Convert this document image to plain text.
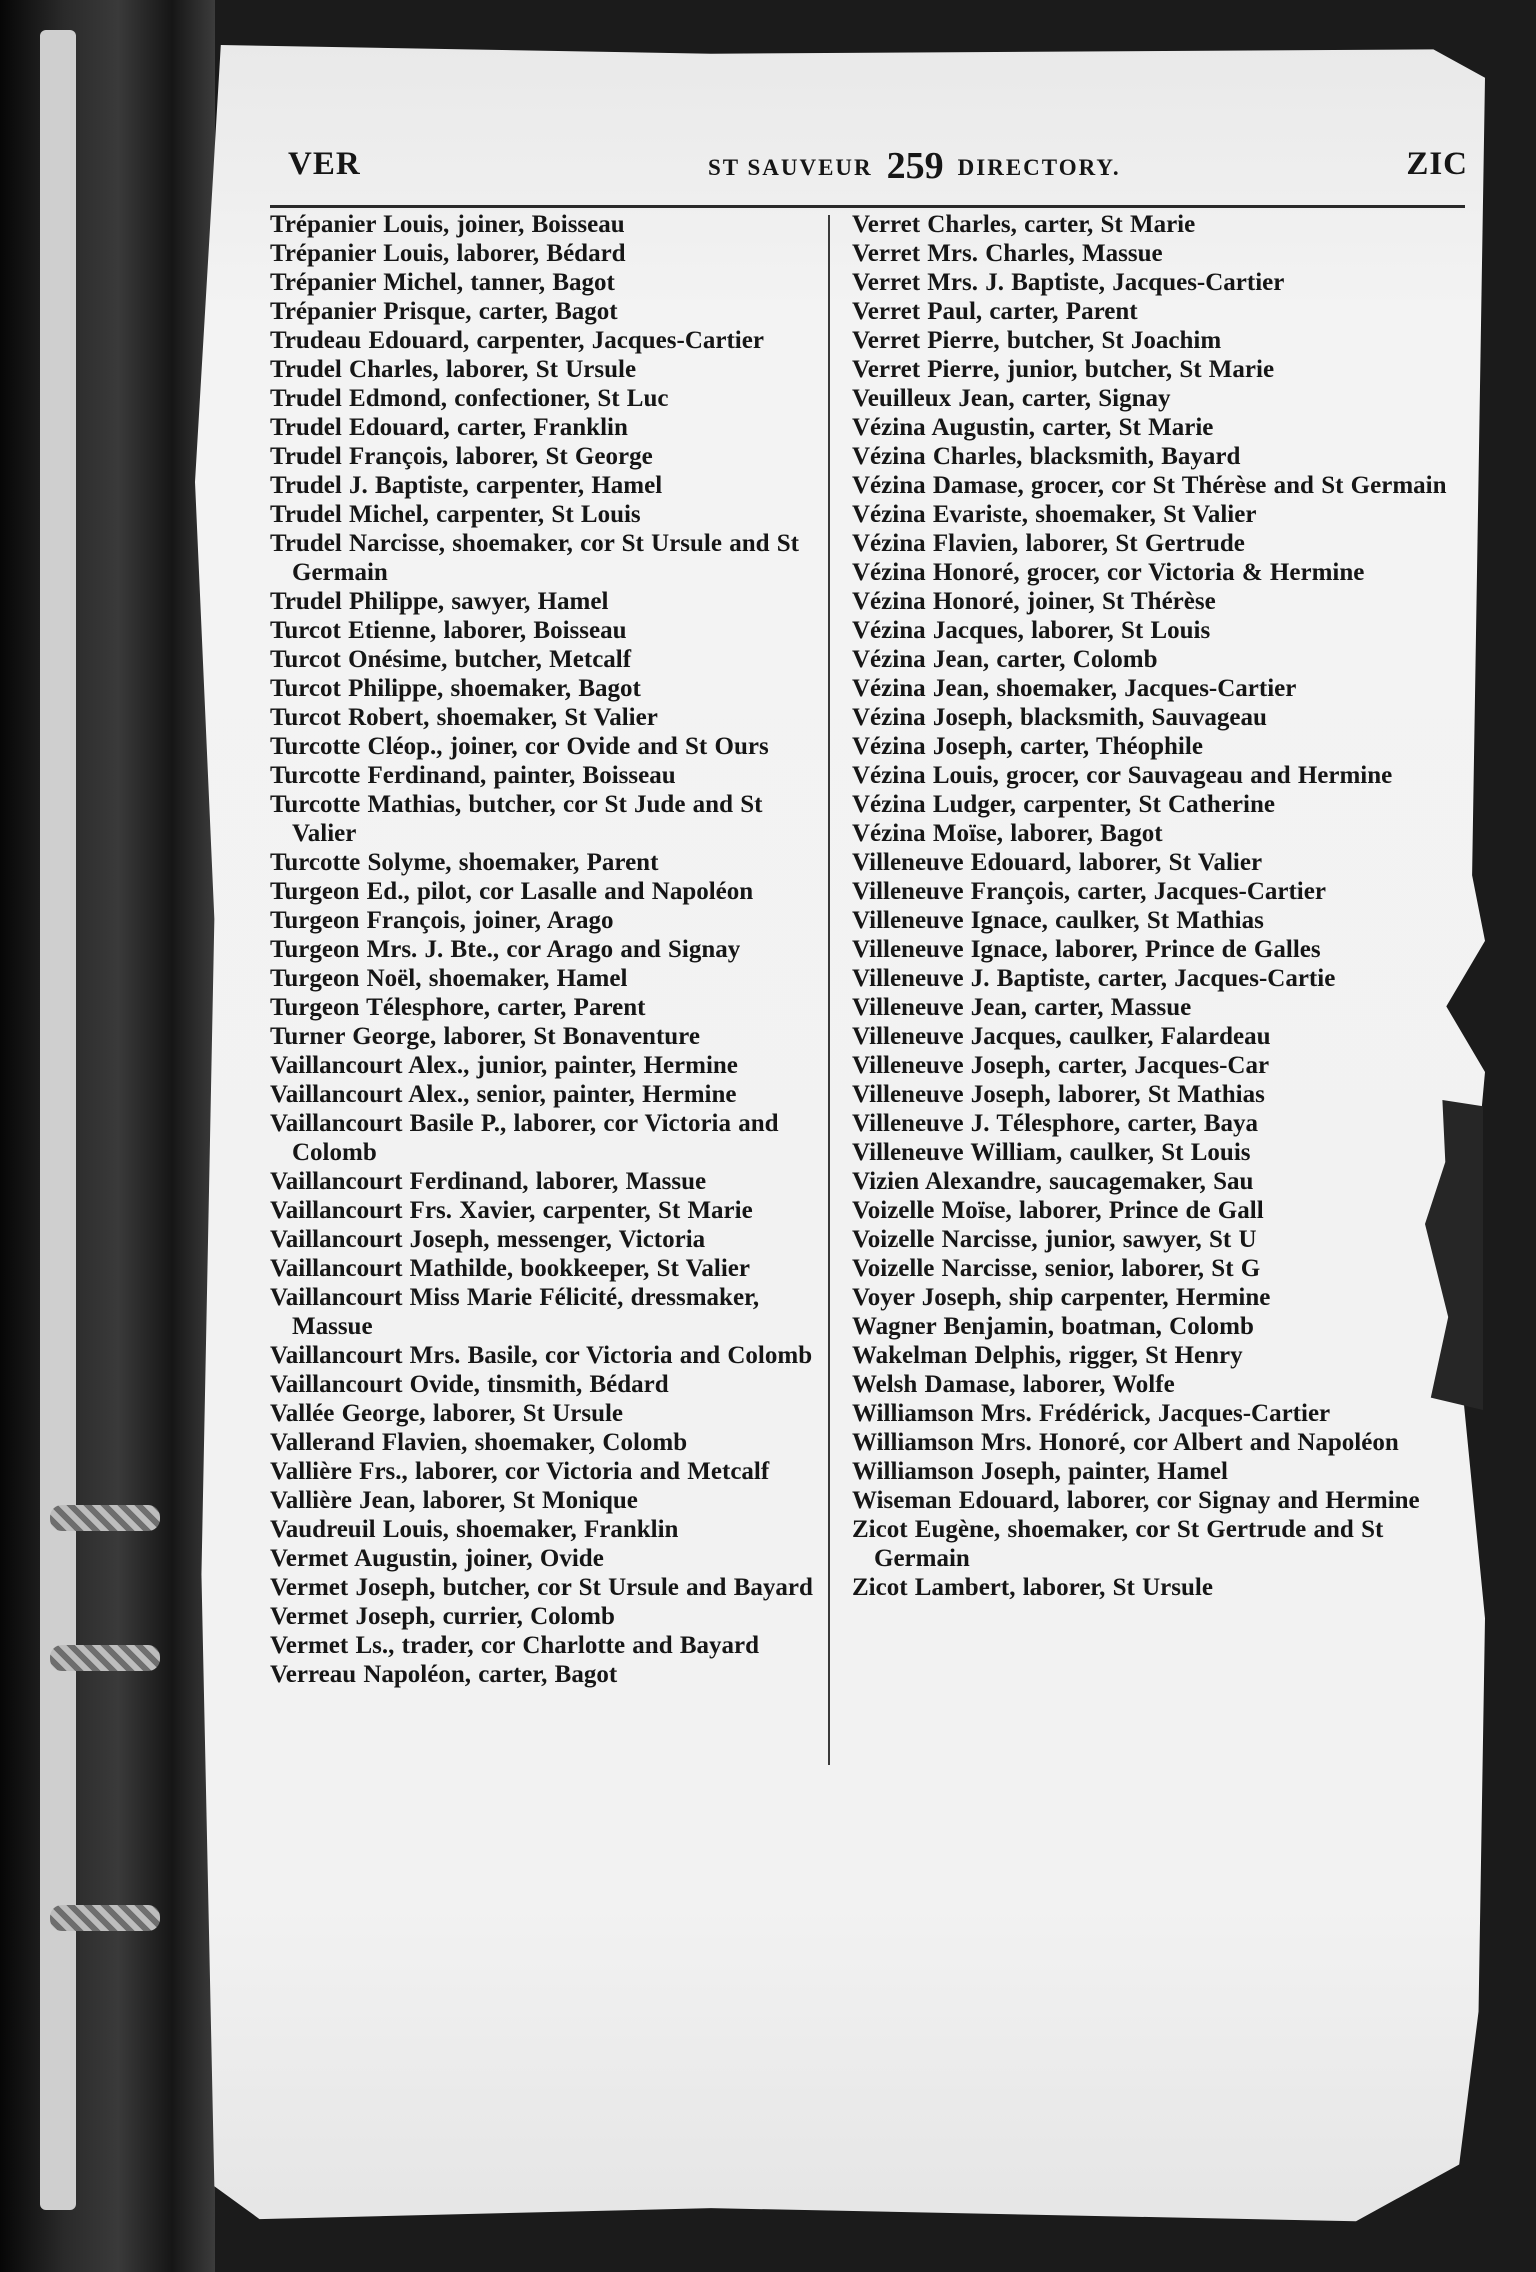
VER	ST SAUVEUR 259 DIRECTORY.	ZIC
Trépanier Louis, joiner, Boisseau
Trépanier Louis, laborer, Bédard
Trépanier Michel, tanner, Bagot
Trépanier Prisque, carter, Bagot
Trudeau Edouard, carpenter, Jacques-Cartier
Trudel Charles, laborer, St Ursule
Trudel Edmond, confectioner, St Luc
Trudel Edouard, carter, Franklin
Trudel François, laborer, St George
Trudel J. Baptiste, carpenter, Hamel
Trudel Michel, carpenter, St Louis
Trudel Narcisse, shoemaker, cor St Ursule and St Germain
Trudel Philippe, sawyer, Hamel
Turcot Etienne, laborer, Boisseau
Turcot Onésime, butcher, Metcalf
Turcot Philippe, shoemaker, Bagot
Turcot Robert, shoemaker, St Valier
Turcotte Cléop., joiner, cor Ovide and St Ours
Turcotte Ferdinand, painter, Boisseau
Turcotte Mathias, butcher, cor St Jude and St Valier
Turcotte Solyme, shoemaker, Parent
Turgeon Ed., pilot, cor Lasalle and Napoléon
Turgeon François, joiner, Arago
Turgeon Mrs. J. Bte., cor Arago and Signay
Turgeon Noël, shoemaker, Hamel
Turgeon Télesphore, carter, Parent
Turner George, laborer, St Bonaventure
Vaillancourt Alex., junior, painter, Hermine
Vaillancourt Alex., senior, painter, Hermine
Vaillancourt Basile P., laborer, cor Victoria and Colomb
Vaillancourt Ferdinand, laborer, Massue
Vaillancourt Frs. Xavier, carpenter, St Marie
Vaillancourt Joseph, messenger, Victoria
Vaillancourt Mathilde, bookkeeper, St Valier
Vaillancourt Miss Marie Félicité, dressmaker, Massue
Vaillancourt Mrs. Basile, cor Victoria and Colomb
Vaillancourt Ovide, tinsmith, Bédard
Vallée George, laborer, St Ursule
Vallerand Flavien, shoemaker, Colomb
Vallière Frs., laborer, cor Victoria and Metcalf
Vallière Jean, laborer, St Monique
Vaudreuil Louis, shoemaker, Franklin
Vermet Augustin, joiner, Ovide
Vermet Joseph, butcher, cor St Ursule and Bayard
Vermet Joseph, currier, Colomb
Vermet Ls., trader, cor Charlotte and Bayard
Verreau Napoléon, carter, Bagot
Verret Charles, carter, St Marie
Verret Mrs. Charles, Massue
Verret Mrs. J. Baptiste, Jacques-Cartier
Verret Paul, carter, Parent
Verret Pierre, butcher, St Joachim
Verret Pierre, junior, butcher, St Marie
Veuilleux Jean, carter, Signay
Vézina Augustin, carter, St Marie
Vézina Charles, blacksmith, Bayard
Vézina Damase, grocer, cor St Thérèse and St Germain
Vézina Evariste, shoemaker, St Valier
Vézina Flavien, laborer, St Gertrude
Vézina Honoré, grocer, cor Victoria & Hermine
Vézina Honoré, joiner, St Thérèse
Vézina Jacques, laborer, St Louis
Vézina Jean, carter, Colomb
Vézina Jean, shoemaker, Jacques-Cartier
Vézina Joseph, blacksmith, Sauvageau
Vézina Joseph, carter, Théophile
Vézina Louis, grocer, cor Sauvageau and Hermine
Vézina Ludger, carpenter, St Catherine
Vézina Moïse, laborer, Bagot
Villeneuve Edouard, laborer, St Valier
Villeneuve François, carter, Jacques-Cartier
Villeneuve Ignace, caulker, St Mathias
Villeneuve Ignace, laborer, Prince de Galles
Villeneuve J. Baptiste, carter, Jacques-Cartie
Villeneuve Jean, carter, Massue
Villeneuve Jacques, caulker, Falardeau
Villeneuve Joseph, carter, Jacques-Car
Villeneuve Joseph, laborer, St Mathias
Villeneuve J. Télesphore, carter, Baya
Villeneuve William, caulker, St Louis
Vizien Alexandre, saucagemaker, Sau
Voizelle Moïse, laborer, Prince de Gall
Voizelle Narcisse, junior, sawyer, St U
Voizelle Narcisse, senior, laborer, St G
Voyer Joseph, ship carpenter, Hermine
Wagner Benjamin, boatman, Colomb
Wakelman Delphis, rigger, St Henry
Welsh Damase, laborer, Wolfe
Williamson Mrs. Frédérick, Jacques-Cartier
Williamson Mrs. Honoré, cor Albert and Napoléon
Williamson Joseph, painter, Hamel
Wiseman Edouard, laborer, cor Signay and Hermine
Zicot Eugène, shoemaker, cor St Gertrude and St Germain
Zicot Lambert, laborer, St Ursule
